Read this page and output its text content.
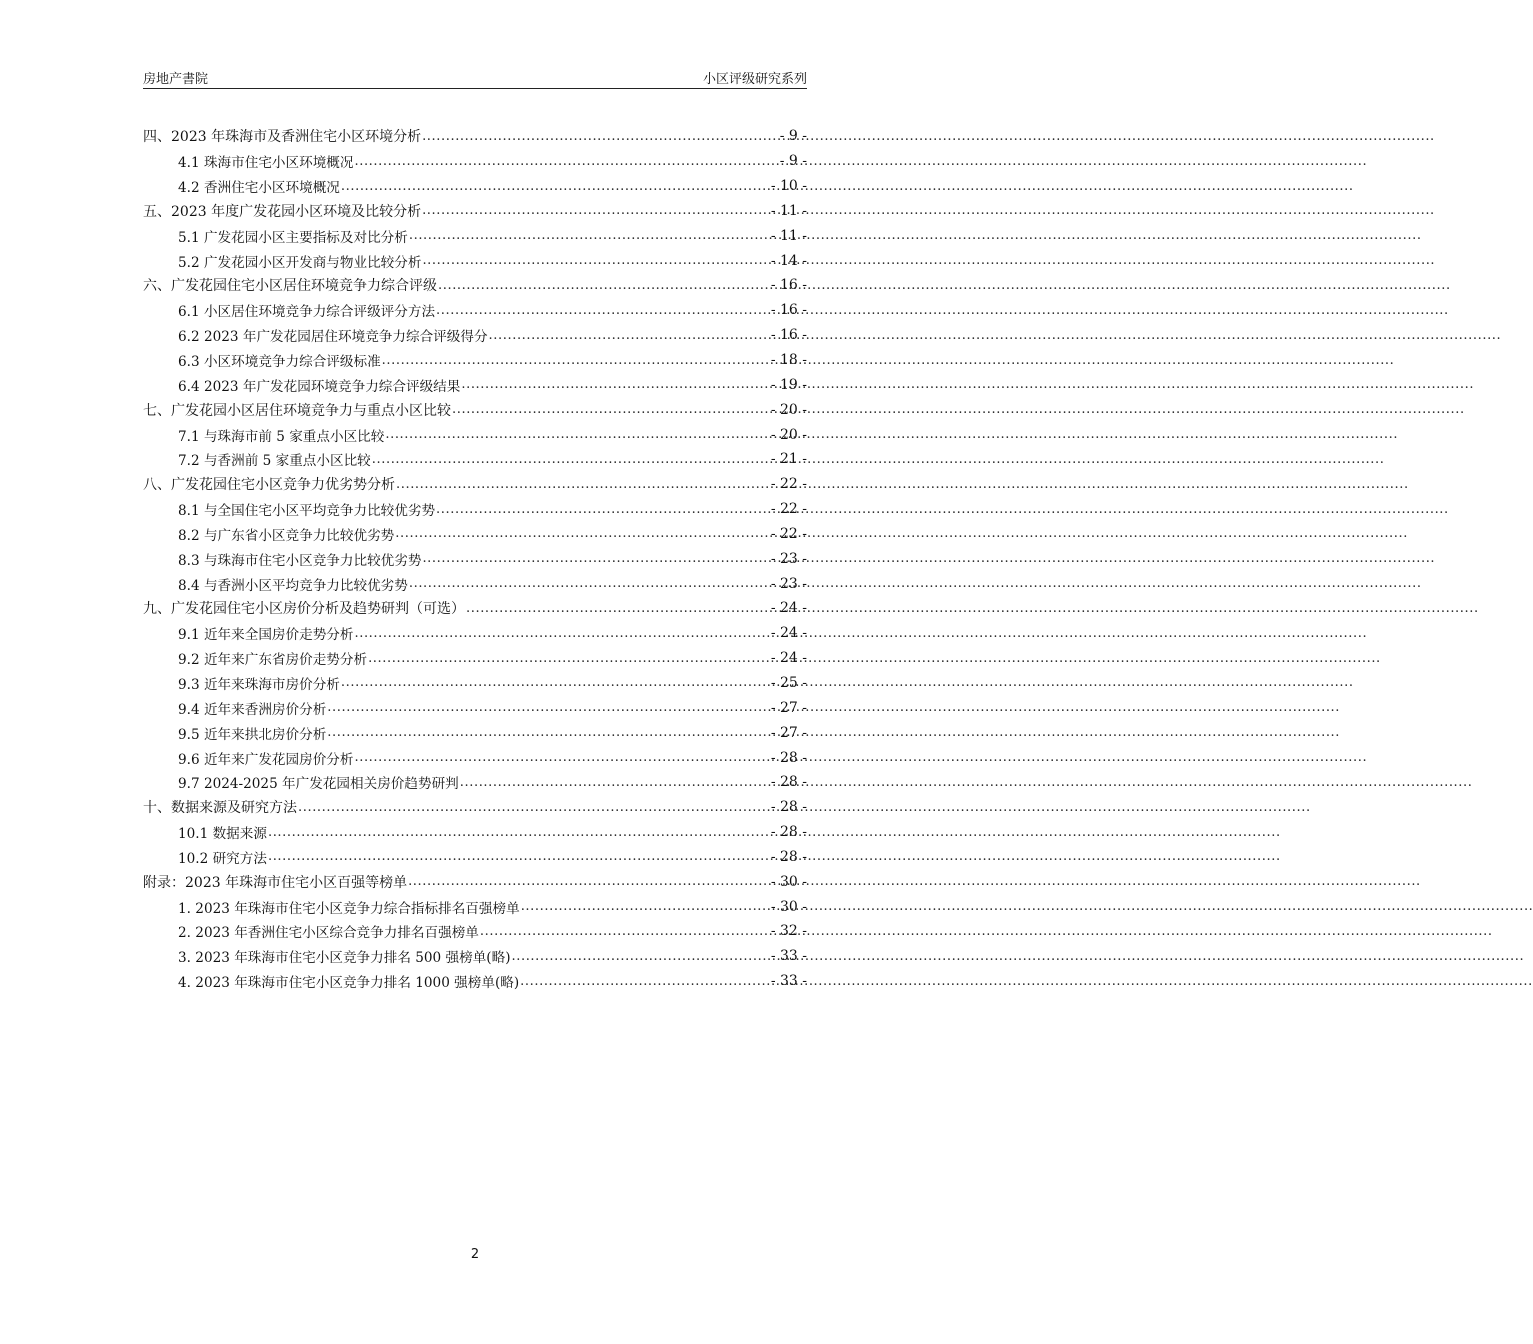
房地产書院	小区评级研究系列
四、2023 年珠海市及香洲住宅小区环境分析 .....	- 9 -
4.1 珠海市住宅小区环境概况 .....	- 9 -
4.2 香洲住宅小区环境概况 .....	- 10 -
五、2023 年度广发花园小区环境及比较分析 .....	- 11 -
5.1 广发花园小区主要指标及对比分析 .....	- 11 -
5.2 广发花园小区开发商与物业比较分析 .....	- 14 -
六、广发花园住宅小区居住环境竞争力综合评级 .....	- 16 -
6.1 小区居住环境竞争力综合评级评分方法 .....	- 16 -
6.2 2023 年广发花园居住环境竞争力综合评级得分 .....	- 16 -
6.3 小区环境竞争力综合评级标准 .....	- 18 -
6.4 2023 年广发花园环境竞争力综合评级结果 .....	- 19 -
七、广发花园小区居住环境竞争力与重点小区比较 .....	- 20 -
7.1 与珠海市前 5 家重点小区比较 .....	- 20 -
7.2 与香洲前 5 家重点小区比较 .....	- 21 -
八、广发花园住宅小区竞争力优劣势分析 .....	- 22 -
8.1 与全国住宅小区平均竞争力比较优劣势 .....	- 22 -
8.2 与广东省小区竞争力比较优劣势 .....	- 22 -
8.3 与珠海市住宅小区竞争力比较优劣势 .....	- 23 -
8.4 与香洲小区平均竞争力比较优劣势 .....	- 23 -
九、广发花园住宅小区房价分析及趋势研判（可选） .....	- 24 -
9.1 近年来全国房价走势分析 .....	- 24 -
9.2 近年来广东省房价走势分析 .....	- 24 -
9.3 近年来珠海市房价分析 .....	- 25 -
9.4 近年来香洲房价分析 .....	- 27 -
9.5 近年来拱北房价分析 .....	- 27 -
9.6 近年来广发花园房价分析 .....	- 28 -
9.7 2024-2025 年广发花园相关房价趋势研判 .....	- 28 -
十、数据来源及研究方法 .....	- 28 -
10.1 数据来源 .....	- 28 -
10.2 研究方法 .....	- 28 -
附录：2023 年珠海市住宅小区百强等榜单 .....	- 30 -
1. 2023 年珠海市住宅小区竞争力综合指标排名百强榜单 .....	- 30 -
2. 2023 年香洲住宅小区综合竞争力排名百强榜单 .....	- 32 -
3. 2023 年珠海市住宅小区竞争力排名 500 强榜单(略) .....	- 33 -
4. 2023 年珠海市住宅小区竞争力排名 1000 强榜单(略) .....	- 33 -
2
